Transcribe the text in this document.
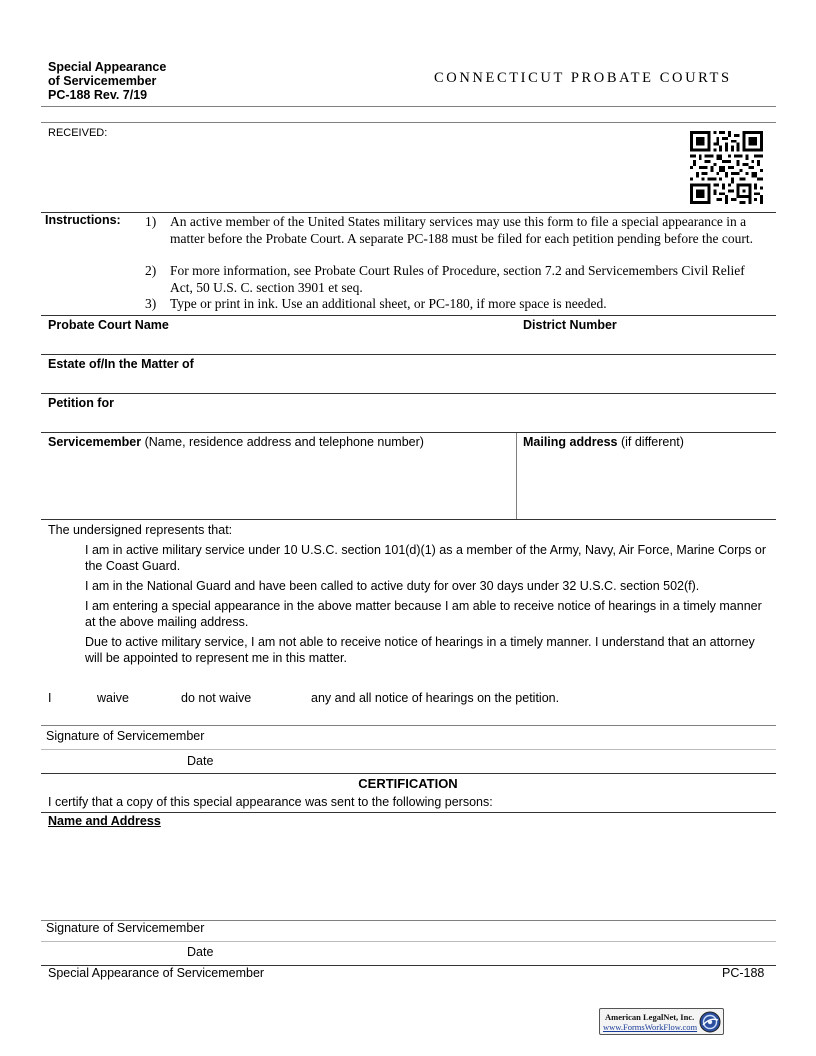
Special Appearance
of Servicemember
PC-188 Rev. 7/19
CONNECTICUT PROBATE COURTS
RECEIVED:
Instructions: 1) An active member of the United States military services may use this form to file a special appearance in a matter before the Probate Court. A separate PC-188 must be filed for each petition pending before the court.
2) For more information, see Probate Court Rules of Procedure, section 7.2 and Servicemembers Civil Relief Act, 50 U.S. C. section 3901 et seq.
3) Type or print in ink. Use an additional sheet, or PC-180, if more space is needed.
Probate Court Name	District Number
Estate of/In the Matter of
Petition for
Servicemember (Name, residence address and telephone number)	Mailing address (if different)
The undersigned represents that:
I am in active military service under 10 U.S.C. section 101(d)(1) as a member of the Army, Navy, Air Force, Marine Corps or the Coast Guard.
I am in the National Guard and have been called to active duty for over 30 days under 32 U.S.C. section 502(f).
I am entering a special appearance in the above matter because I am able to receive notice of hearings in a timely manner at the above mailing address.
Due to active military service, I am not able to receive notice of hearings in a timely manner. I understand that an attorney will be appointed to represent me in this matter.
I	waive	do not waive	any and all notice of hearings on the petition.
Signature of Servicemember
Date
CERTIFICATION
I certify that a copy of this special appearance was sent to the following persons:
Name and Address
Signature of Servicemember
Date
Special Appearance of Servicemember	PC-188
American LegalNet, Inc.
www.FormsWorkFlow.com
